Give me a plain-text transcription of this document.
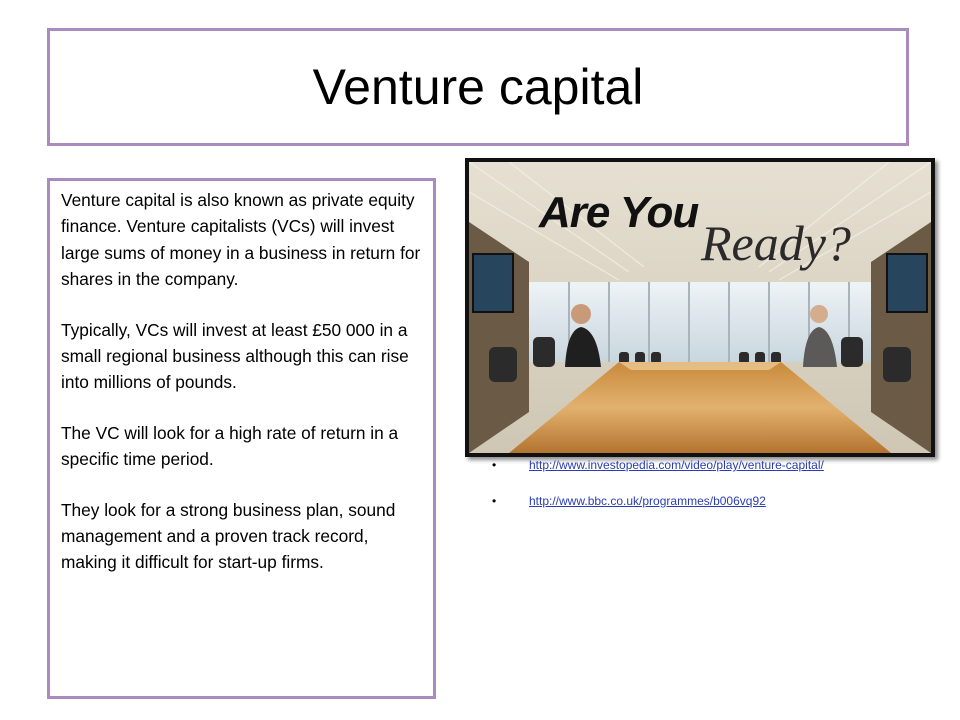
Venture capital

Venture capital is also known as private equity finance. Venture capitalists (VCs) will invest large sums of money in a business in return for shares in the company.

Typically, VCs will invest at least £50 000 in a small regional business although this can rise into millions of pounds.

The VC will look for a high rate of return in a specific time period.

They look for a strong business plan, sound management and a proven track record, making it difficult for start-up firms.

Are You
Ready?
•	http://www.investopedia.com/video/play/venture-capital/
•	http://www.bbc.co.uk/programmes/b006vq92
